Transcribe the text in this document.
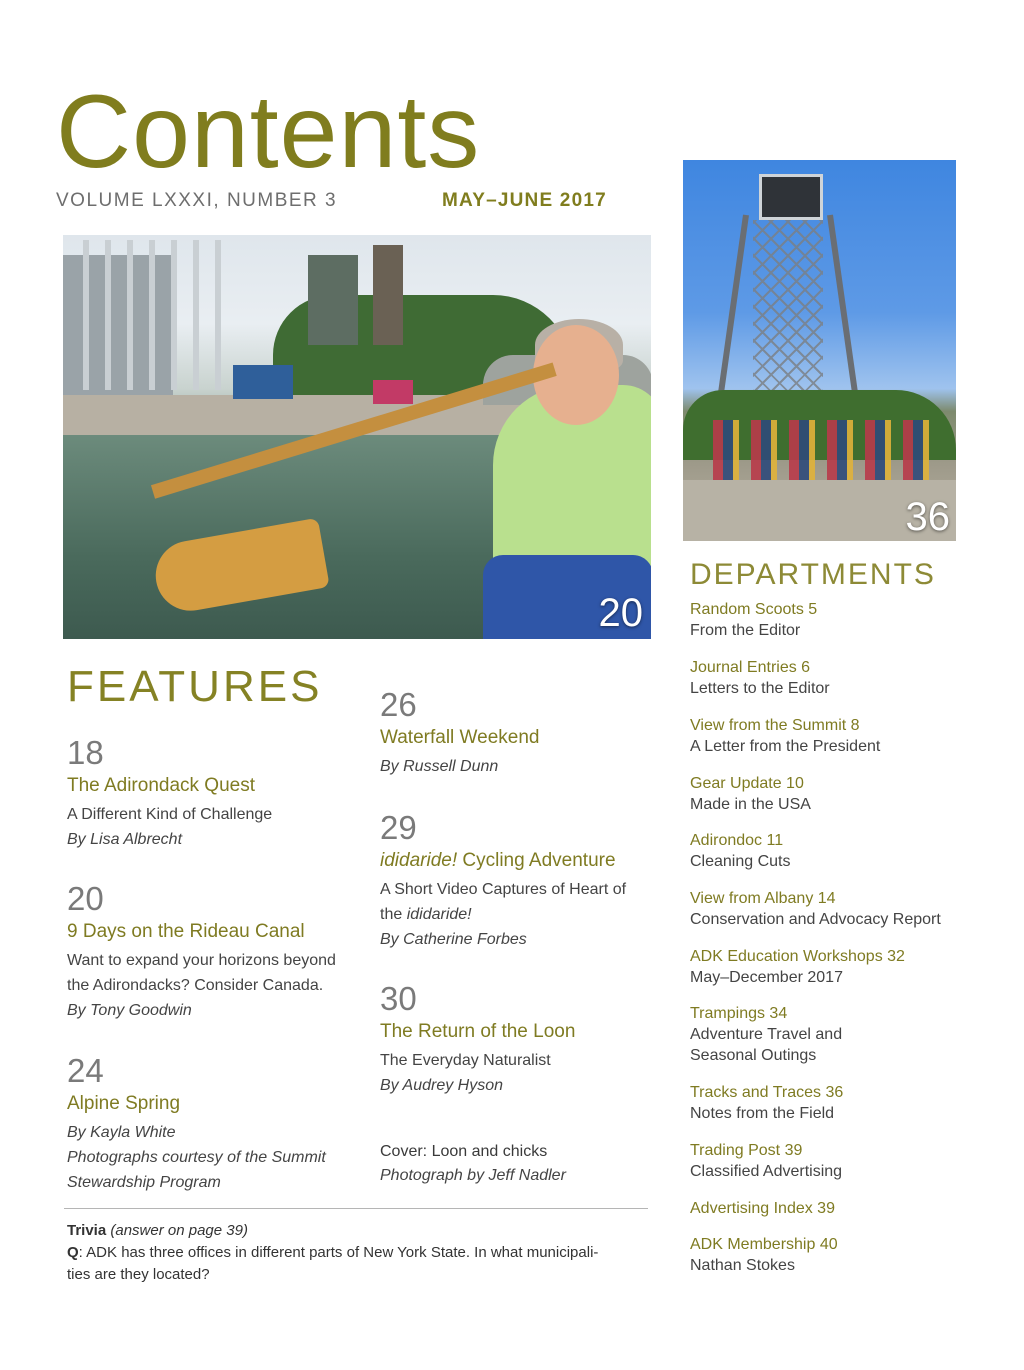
Contents
VOLUME LXXXI, NUMBER 3	MAY–JUNE 2017
20
36
FEATURES
18
The Adirondack Quest
A Different Kind of Challenge
By Lisa Albrecht
20
9 Days on the Rideau Canal
Want to expand your horizons beyond
the Adirondacks? Consider Canada.
By Tony Goodwin
24
Alpine Spring
By Kayla White
Photographs courtesy of the Summit
Stewardship Program
26
Waterfall Weekend
By Russell Dunn
29
ididaride! Cycling Adventure
A Short Video Captures of Heart of
the ididaride!
By Catherine Forbes
30
The Return of the Loon
The Everyday Naturalist
By Audrey Hyson
Cover: Loon and chicks
Photograph by Jeff Nadler
Trivia (answer on page 39)
Q: ADK has three offices in different parts of New York State. In what municipali-
ties are they located?
DEPARTMENTS
Random Scoots 5
From the Editor
Journal Entries 6
Letters to the Editor
View from the Summit 8
A Letter from the President
Gear Update 10
Made in the USA
Adirondoc 11
Cleaning Cuts
View from Albany 14
Conservation and Advocacy Report
ADK Education Workshops 32
May–December 2017
Trampings 34
Adventure Travel and
Seasonal Outings
Tracks and Traces 36
Notes from the Field
Trading Post 39
Classified Advertising
Advertising Index 39
ADK Membership 40
Nathan Stokes
